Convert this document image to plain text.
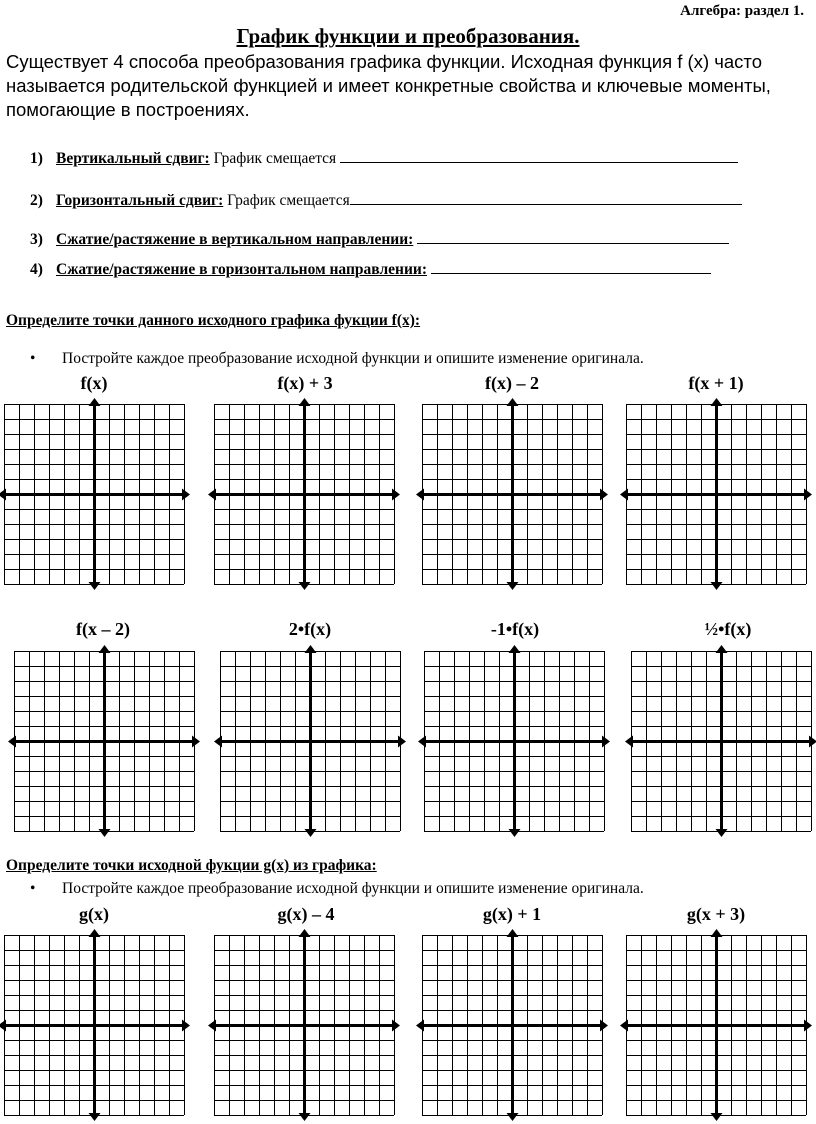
Алгебра: раздел 1.
График функции и преобразования.
Существует 4 способа преобразования графика функции. Исходная функция f (x) часто называется родительской функцией и имеет конкретные свойства и ключевые моменты, помогающие в построениях.
1) Вертикальный сдвиг: График смещается
2) Горизонтальный сдвиг: График смещается
3) Сжатие/растяжение в вертикальном направлении:
4) Сжатие/растяжение в горизонтальном направлении:
Определите точки данного исходного графика фукции f(x):
• Постройте каждое преобразование исходной функции и опишите изменение оригинала.
f(x)	f(x) + 3	f(x) – 2	f(x + 1)
f(x – 2)	2•f(x)	-1•f(x)	½•f(x)
Определите точки исходной фукции g(x) из графика:
• Постройте каждое преобразование исходной функции и опишите изменение оригинала.
g(x)	g(x) – 4	g(x) + 1	g(x + 3)
